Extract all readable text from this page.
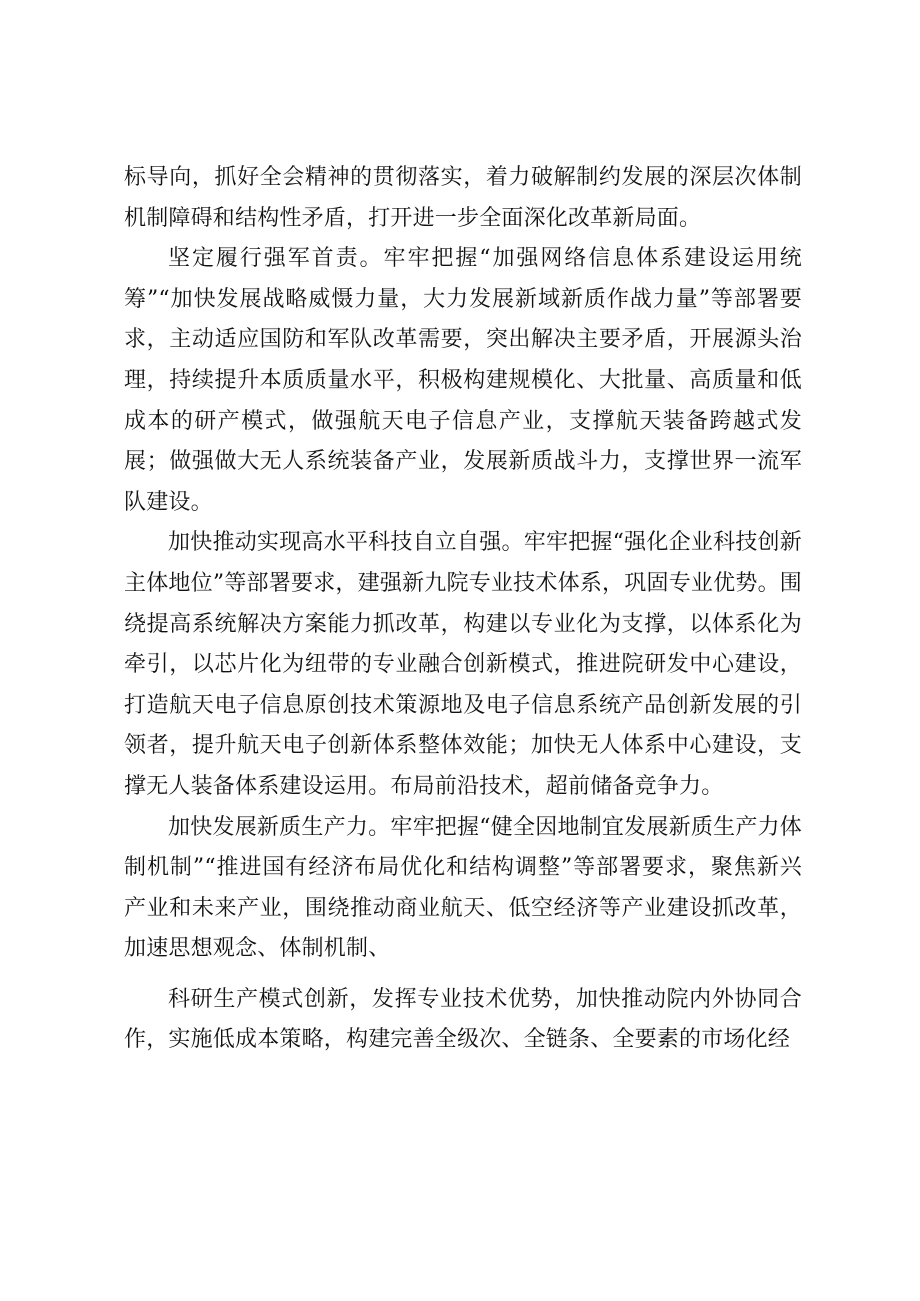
标导向，抓好全会精神的贯彻落实，着力破解制约发展的深层次体制机制障碍和结构性矛盾，打开进一步全面深化改革新局面。

坚定履行强军首责。牢牢把握“加强网络信息体系建设运用统筹”“加快发展战略威慑力量，大力发展新域新质作战力量”等部署要求，主动适应国防和军队改革需要，突出解决主要矛盾，开展源头治理，持续提升本质质量水平，积极构建规模化、大批量、高质量和低成本的研产模式，做强航天电子信息产业，支撑航天装备跨越式发展；做强做大无人系统装备产业，发展新质战斗力，支撑世界一流军队建设。

加快推动实现高水平科技自立自强。牢牢把握“强化企业科技创新主体地位”等部署要求，建强新九院专业技术体系，巩固专业优势。围绕提高系统解决方案能力抓改革，构建以专业化为支撑，以体系化为牵引，以芯片化为纽带的专业融合创新模式，推进院研发中心建设，打造航天电子信息原创技术策源地及电子信息系统产品创新发展的引领者，提升航天电子创新体系整体效能；加快无人体系中心建设，支撑无人装备体系建设运用。布局前沿技术，超前储备竞争力。

加快发展新质生产力。牢牢把握“健全因地制宜发展新质生产力体制机制”“推进国有经济布局优化和结构调整”等部署要求，聚焦新兴产业和未来产业，围绕推动商业航天、低空经济等产业建设抓改革，加速思想观念、体制机制、

科研生产模式创新，发挥专业技术优势，加快推动院内外协同合作，实施低成本策略，构建完善全级次、全链条、全要素的市场化经
